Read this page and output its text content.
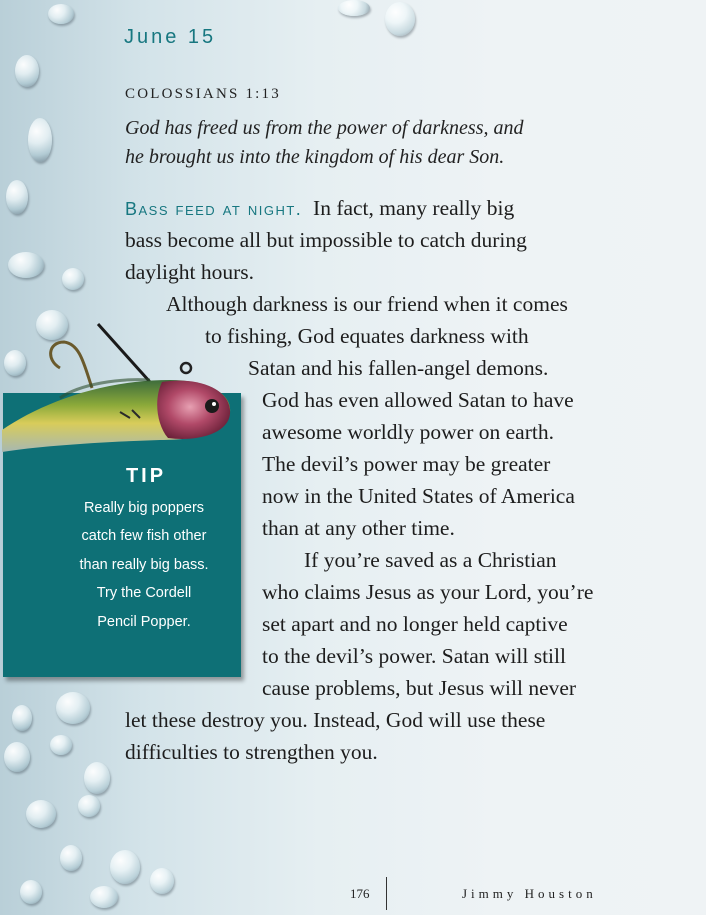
June 15

COLOSSIANS 1:13

God has freed us from the power of darkness, and
he brought us into the kingdom of his dear Son.

Bass feed at night. In fact, many really big

bass become all but impossible to catch during

daylight hours.

Although darkness is our friend when it comes

to fishing, God equates darkness with

Satan and his fallen-angel demons.

God has even allowed Satan to have

awesome worldly power on earth.

The devil’s power may be greater

now in the United States of America

than at any other time.

If you’re saved as a Christian

who claims Jesus as your Lord, you’re

set apart and no longer held captive

to the devil’s power. Satan will still

cause problems, but Jesus will never

let these destroy you. Instead, God will use these

difficulties to strengthen you.

TIP

Really big poppers

catch few fish other

than really big bass.

Try the Cordell

Pencil Popper.

176	Jimmy Houston
